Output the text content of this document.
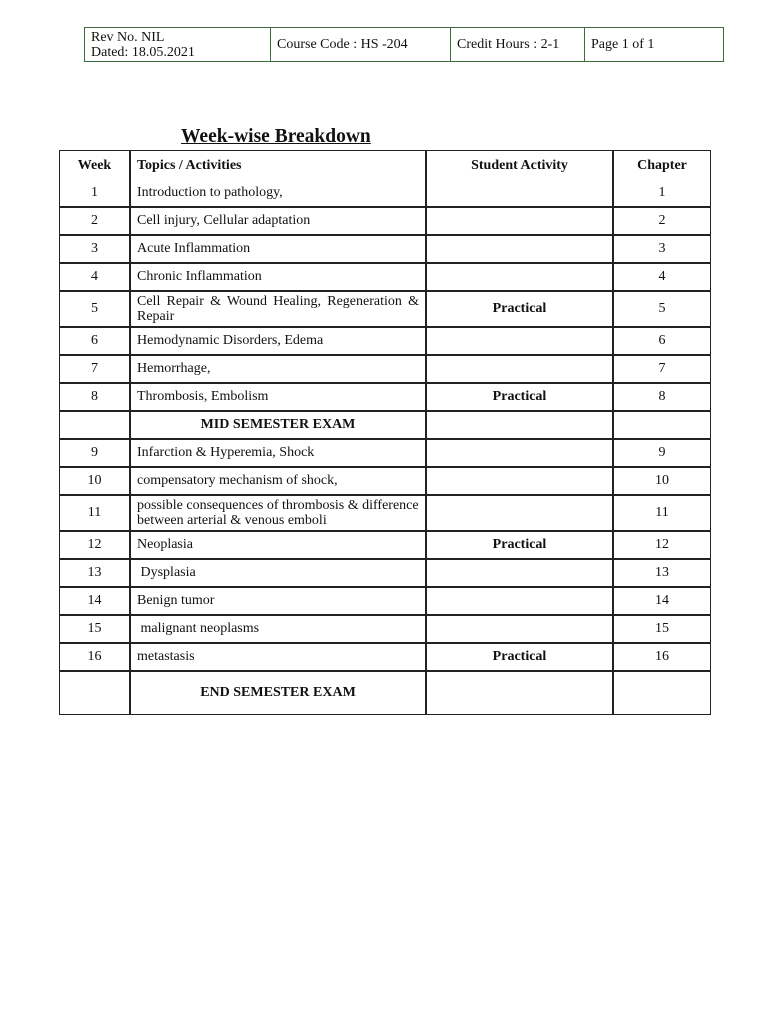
Rev No. NIL
Dated: 18.05.2021	Course Code : HS -204	Credit Hours : 2-1	Page 1 of 1
Week-wise Breakdown
Week	Topics / Activities	Student Activity	Chapter
1	Introduction to pathology,		1
2	Cell injury, Cellular adaptation		2
3	Acute Inflammation		3
4	Chronic Inflammation		4
5	Cell Repair & Wound Healing, Regeneration & Repair	Practical	5
6	Hemodynamic Disorders, Edema		6
7	Hemorrhage,		7
8	Thrombosis, Embolism	Practical	8
	MID SEMESTER EXAM		
9	Infarction & Hyperemia, Shock		9
10	compensatory mechanism of shock,		10
11	possible consequences of thrombosis & difference between arterial & venous emboli		11
12	Neoplasia	Practical	12
13	Dysplasia		13
14	Benign tumor		14
15	malignant neoplasms		15
16	metastasis	Practical	16
	END SEMESTER EXAM		
